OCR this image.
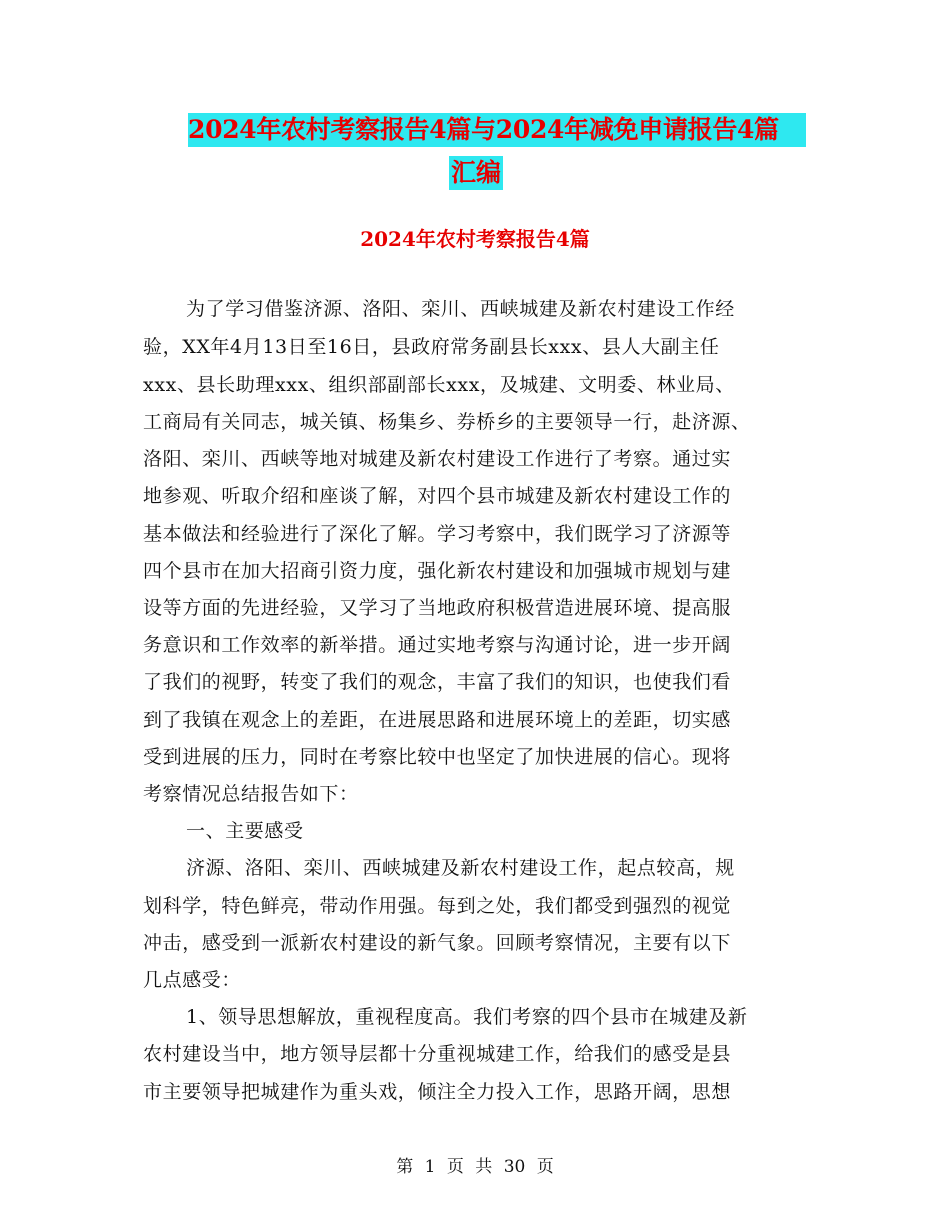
2024年农村考察报告4篇与2024年减免申请报告4篇
汇编
2024年农村考察报告4篇
为了学习借鉴济源、洛阳、栾川、西峡城建及新农村建设工作经
验，XX年4月13日至16日，县政府常务副县长xxx、县人大副主任
xxx、县长助理xxx、组织部副部长xxx，及城建、文明委、林业局、
工商局有关同志，城关镇、杨集乡、券桥乡的主要领导一行，赴济源、
洛阳、栾川、西峡等地对城建及新农村建设工作进行了考察。通过实
地参观、听取介绍和座谈了解，对四个县市城建及新农村建设工作的
基本做法和经验进行了深化了解。学习考察中，我们既学习了济源等
四个县市在加大招商引资力度，强化新农村建设和加强城市规划与建
设等方面的先进经验，又学习了当地政府积极营造进展环境、提高服
务意识和工作效率的新举措。通过实地考察与沟通讨论，进一步开阔
了我们的视野，转变了我们的观念，丰富了我们的知识，也使我们看
到了我镇在观念上的差距，在进展思路和进展环境上的差距，切实感
受到进展的压力，同时在考察比较中也坚定了加快进展的信心。现将
考察情况总结报告如下：
一、主要感受
济源、洛阳、栾川、西峡城建及新农村建设工作，起点较高，规
划科学，特色鲜亮，带动作用强。每到之处，我们都受到强烈的视觉
冲击，感受到一派新农村建设的新气象。回顾考察情况，主要有以下
几点感受：
1、领导思想解放，重视程度高。我们考察的四个县市在城建及新
农村建设当中，地方领导层都十分重视城建工作，给我们的感受是县
市主要领导把城建作为重头戏，倾注全力投入工作，思路开阔，思想
第 1 页 共 30 页
